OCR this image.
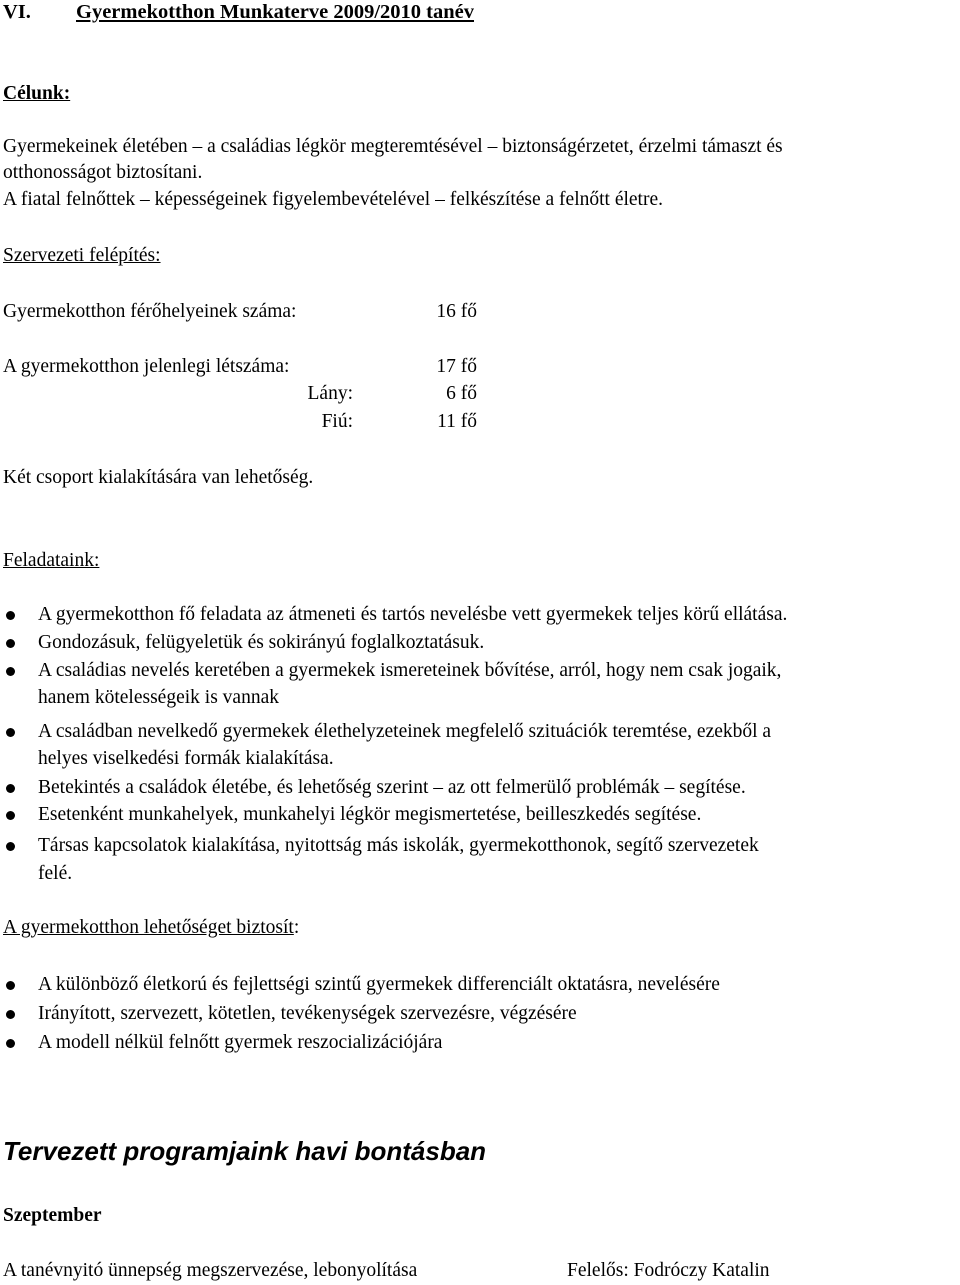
VI. Gyermekotthon Munkaterve 2009/2010 tanév
Célunk:
Gyermekeinek életében – a családias légkör megteremtésével – biztonságérzetet, érzelmi támaszt és
otthonosságot biztosítani.
A fiatal felnőttek – képességeinek figyelembevételével – felkészítése a felnőtt életre.
Szervezeti felépítés:
Gyermekotthon férőhelyeinek száma:	16 fő
A gyermekotthon jelenlegi létszáma:	17 fő
Lány:	6 fő
Fiú:	11 fő
Két csoport kialakítására van lehetőség.
Feladataink:
A gyermekotthon fő feladata az átmeneti és tartós nevelésbe vett gyermekek teljes körű ellátása.
Gondozásuk, felügyeletük és sokirányú foglalkoztatásuk.
A családias nevelés keretében a gyermekek ismereteinek bővítése, arról, hogy nem csak jogaik,
hanem kötelességeik is vannak
A családban nevelkedő gyermekek élethelyzeteinek megfelelő szituációk teremtése, ezekből a
helyes viselkedési formák kialakítása.
Betekintés a családok életébe, és lehetőség szerint – az ott felmerülő problémák – segítése.
Esetenként munkahelyek, munkahelyi légkör megismertetése, beilleszkedés segítése.
Társas kapcsolatok kialakítása, nyitottság más iskolák, gyermekotthonok, segítő szervezetek
felé.
A gyermekotthon lehetőséget biztosít:
A különböző életkorú és fejlettségi szintű gyermekek differenciált oktatásra, nevelésére
Irányított, szervezett, kötetlen, tevékenységek szervezésre, végzésére
A modell nélkül felnőtt gyermek reszocializációjára
Tervezett programjaink havi bontásban
Szeptember
A tanévnyitó ünnepség megszervezése, lebonyolítása	Felelős: Fodróczy Katalin
